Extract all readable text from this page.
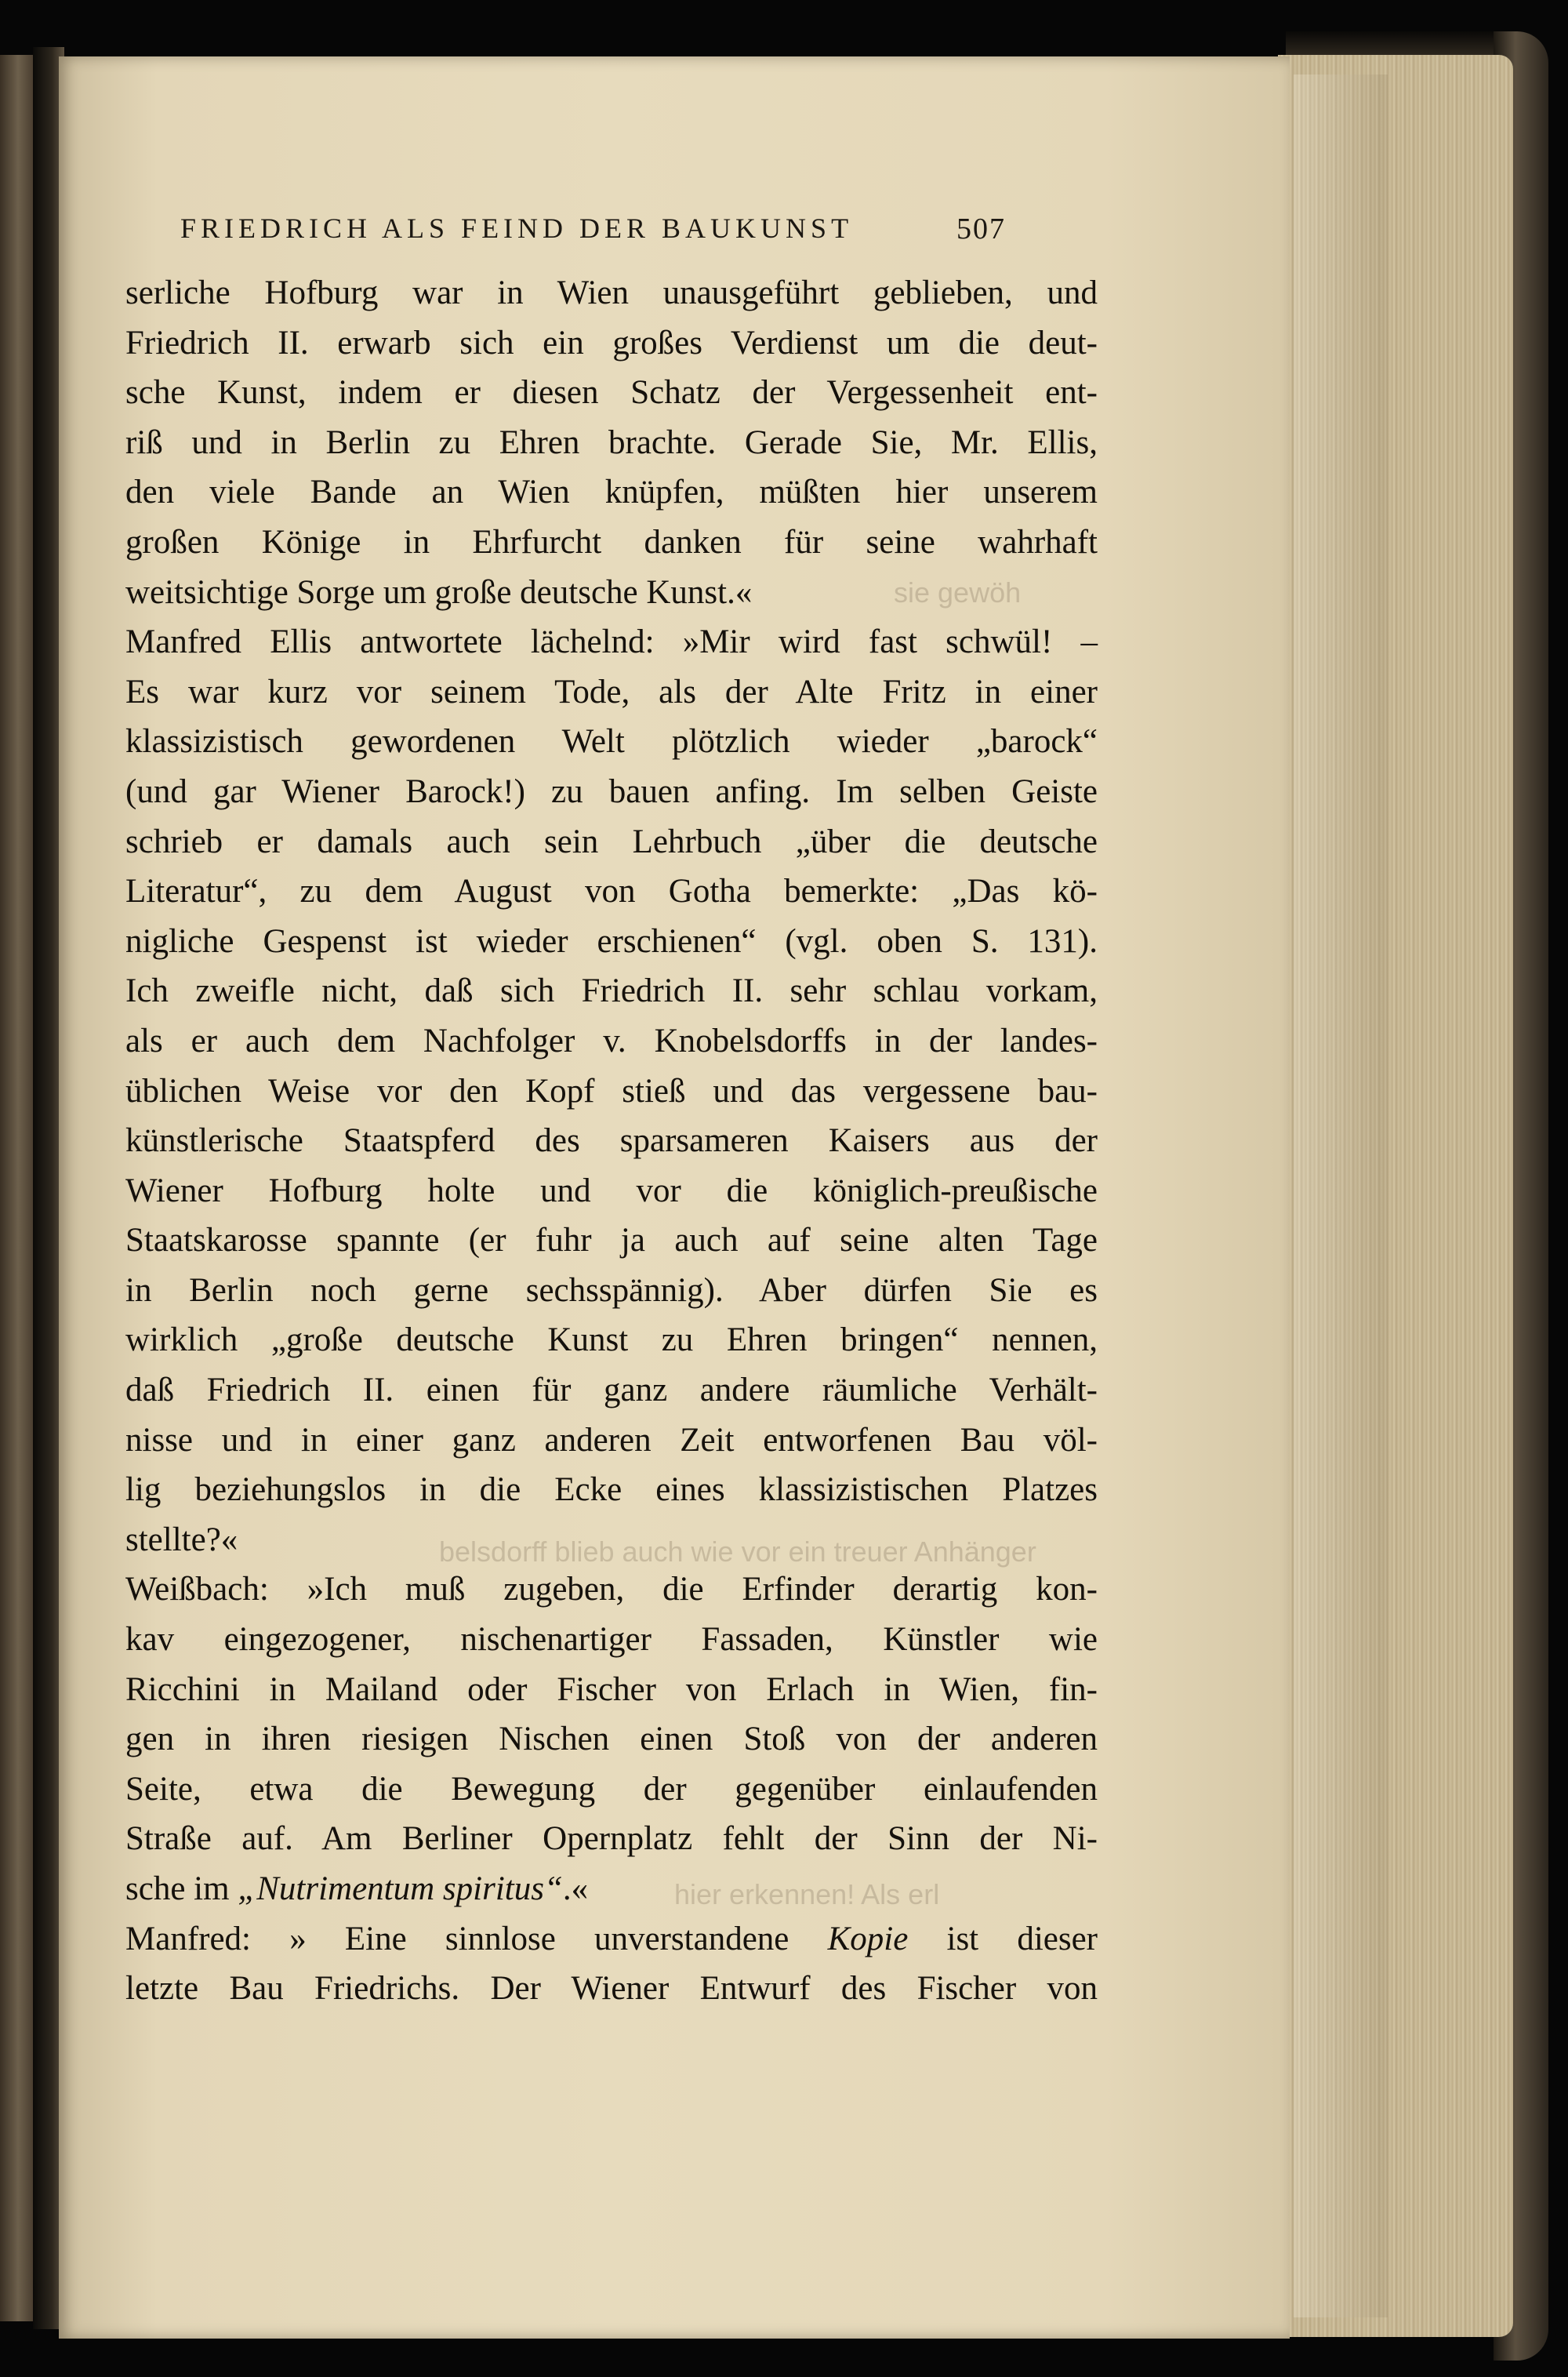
sie gewöh
belsdorff blieb auch wie vor ein treuer Anhänger
hier erkennen! Als erl
FRIEDRICH ALS FEIND DER BAUKUNST	507
serliche Hofburg war in Wien unausgeführt geblieben, und
Friedrich II. erwarb sich ein großes Verdienst um die deut-
sche Kunst, indem er diesen Schatz der Vergessenheit ent-
riß und in Berlin zu Ehren brachte. Gerade Sie, Mr. Ellis,
den viele Bande an Wien knüpfen, müßten hier unserem
großen Könige in Ehrfurcht danken für seine wahrhaft
weitsichtige Sorge um große deutsche Kunst.«
Manfred Ellis antwortete lächelnd: »Mir wird fast schwül! –
Es war kurz vor seinem Tode, als der Alte Fritz in einer
klassizistisch gewordenen Welt plötzlich wieder „barock“
(und gar Wiener Barock!) zu bauen anfing. Im selben Geiste
schrieb er damals auch sein Lehrbuch „über die deutsche
Literatur“, zu dem August von Gotha bemerkte: „Das kö-
nigliche Gespenst ist wieder erschienen“ (vgl. oben S. 131).
Ich zweifle nicht, daß sich Friedrich II. sehr schlau vorkam,
als er auch dem Nachfolger v. Knobelsdorffs in der landes-
üblichen Weise vor den Kopf stieß und das vergessene bau-
künstlerische Staatspferd des sparsameren Kaisers aus der
Wiener Hofburg holte und vor die königlich-preußische
Staatskarosse spannte (er fuhr ja auch auf seine alten Tage
in Berlin noch gerne sechsspännig). Aber dürfen Sie es
wirklich „große deutsche Kunst zu Ehren bringen“ nennen,
daß Friedrich II. einen für ganz andere räumliche Verhält-
nisse und in einer ganz anderen Zeit entworfenen Bau völ-
lig beziehungslos in die Ecke eines klassizistischen Platzes
stellte?«
Weißbach: »Ich muß zugeben, die Erfinder derartig kon-
kav eingezogener, nischenartiger Fassaden, Künstler wie
Ricchini in Mailand oder Fischer von Erlach in Wien, fin-
gen in ihren riesigen Nischen einen Stoß von der anderen
Seite, etwa die Bewegung der gegenüber einlaufenden
Straße auf. Am Berliner Opernplatz fehlt der Sinn der Ni-
sche im „Nutrimentum spiritus“.«
Manfred: » Eine sinnlose unverstandene Kopie ist dieser
letzte Bau Friedrichs. Der Wiener Entwurf des Fischer von
